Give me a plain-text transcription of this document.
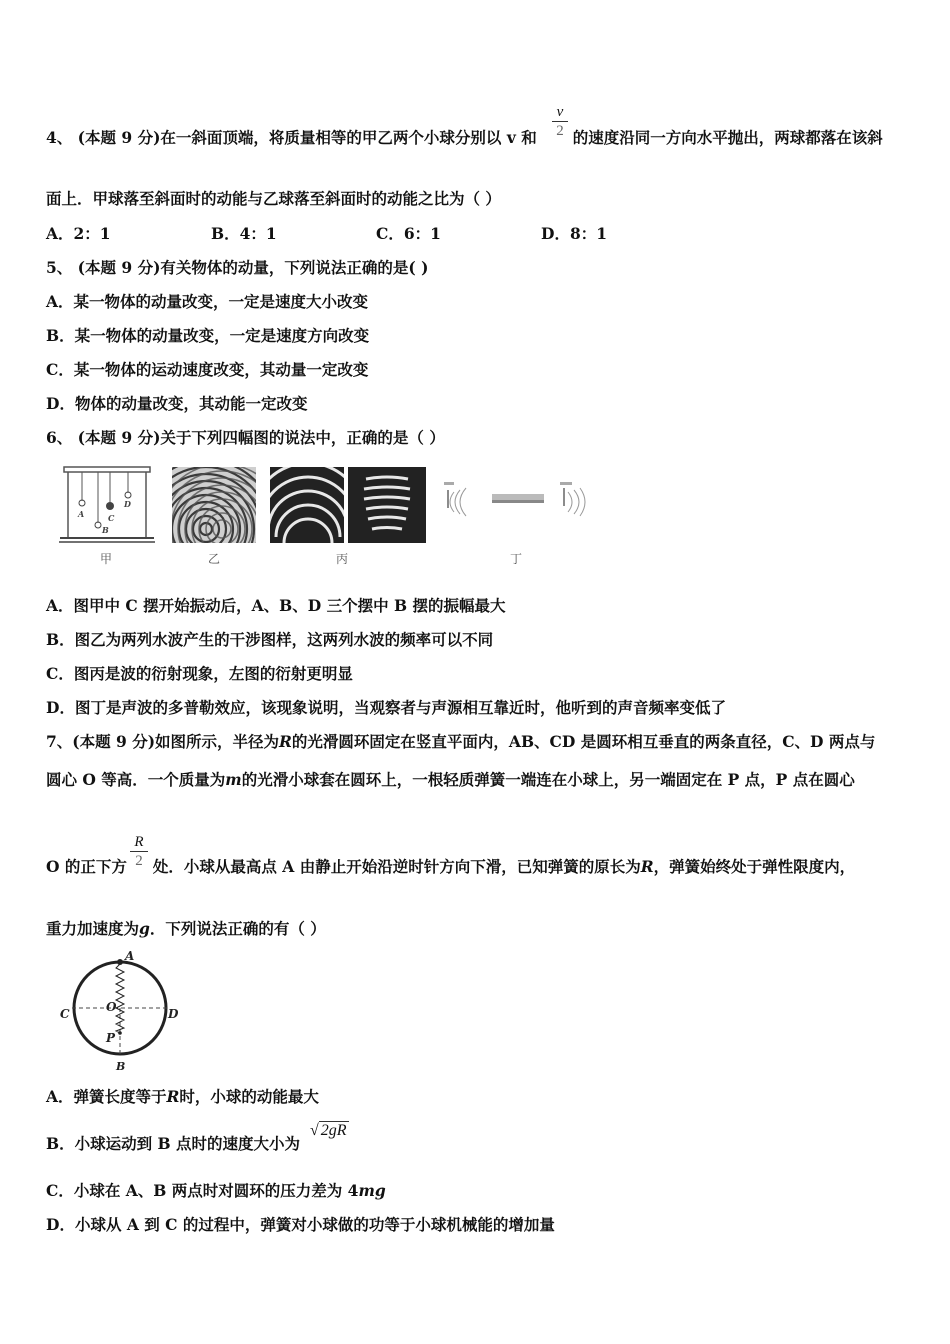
4、 (本题 9 分)在一斜面顶端，将质量相等的甲乙两个小球分别以 v 和 的速度沿同一方向水平抛出，两球都落在该斜
v
2
面上．甲球落至斜面时的动能与乙球落至斜面时的动能之比为（ ）
A．2：1	B．4：1	C．6：1	D．8：1
5、 (本题 9 分)有关物体的动量，下列说法正确的是( )
A．某一物体的动量改变，一定是速度大小改变
B．某一物体的动量改变，一定是速度方向改变
C．某一物体的运动速度改变，其动量一定改变
D．物体的动量改变，其动能一定改变
6、 (本题 9 分)关于下列四幅图的说法中，正确的是（ ）
A	C
B
D
甲	乙	丙	丁
A．图甲中 C 摆开始振动后，A、B、D 三个摆中 B 摆的振幅最大
B．图乙为两列水波产生的干涉图样，这两列水波的频率可以不同
C．图丙是波的衍射现象，左图的衍射更明显
D．图丁是声波的多普勒效应，该现象说明，当观察者与声源相互靠近时，他听到的声音频率变低了
7、(本题 9 分)如图所示，半径为R的光滑圆环固定在竖直平面内，AB、CD 是圆环相互垂直的两条直径，C、D 两点与
圆心 O 等高．一个质量为m的光滑小球套在圆环上，一根轻质弹簧一端连在小球上，另一端固定在 P 点，P 点在圆心
O 的正下方 处．小球从最高点 A 由静止开始沿逆时针方向下滑，已知弹簧的原长为R，弹簧始终处于弹性限度内，
R
2
重力加速度为g．下列说法正确的有（ ）
A
C	O	D
P
B
A．弹簧长度等于R时，小球的动能最大
B．小球运动到 B 点时的速度大小为
√ 2gR
C．小球在 A、B 两点时对圆环的压力差为 4mg
D．小球从 A 到 C 的过程中，弹簧对小球做的功等于小球机械能的增加量
